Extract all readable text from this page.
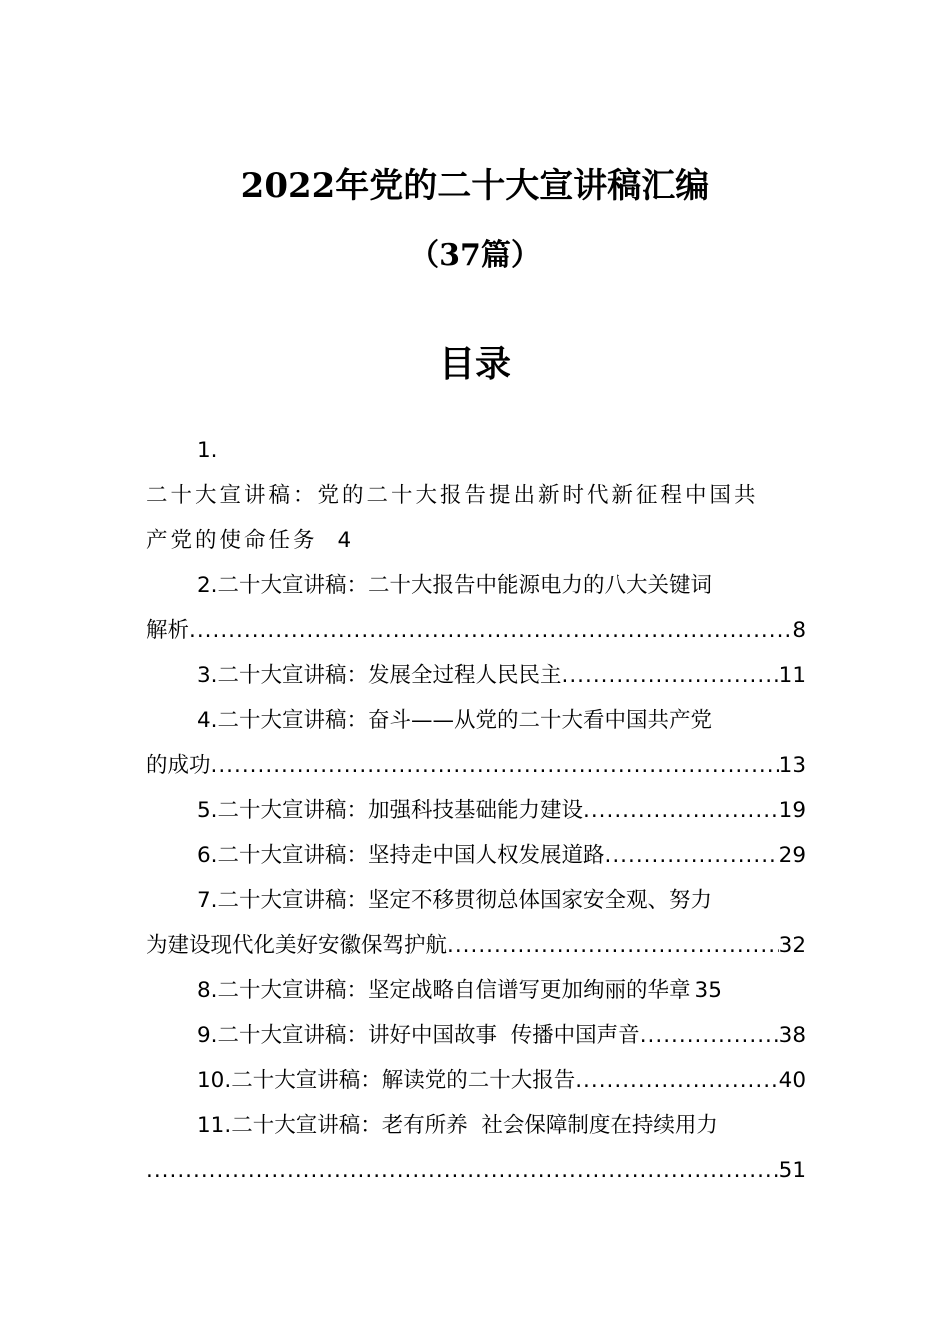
2022年党的二十大宣讲稿汇编
（37篇）
目录
1.
二十大宣讲稿：党的二十大报告提出新时代新征程中国共
产党的使命任务 4
2.二十大宣讲稿：二十大报告中能源电力的八大关键词
解析 .....	8
3.二十大宣讲稿：发展全过程人民民主 .....	11
4.二十大宣讲稿：奋斗——从党的二十大看中国共产党
的成功 .....	13
5.二十大宣讲稿：加强科技基础能力建设 .....	19
6.二十大宣讲稿：坚持走中国人权发展道路 .....	29
7.二十大宣讲稿：坚定不移贯彻总体国家安全观、努力
为建设现代化美好安徽保驾护航 .....	32
8.二十大宣讲稿：坚定战略自信谱写更加绚丽的华章 35
9.二十大宣讲稿：讲好中国故事  传播中国声音 .....	38
10.二十大宣讲稿：解读党的二十大报告 .....	40
11.二十大宣讲稿：老有所养  社会保障制度在持续用力
.....
51
